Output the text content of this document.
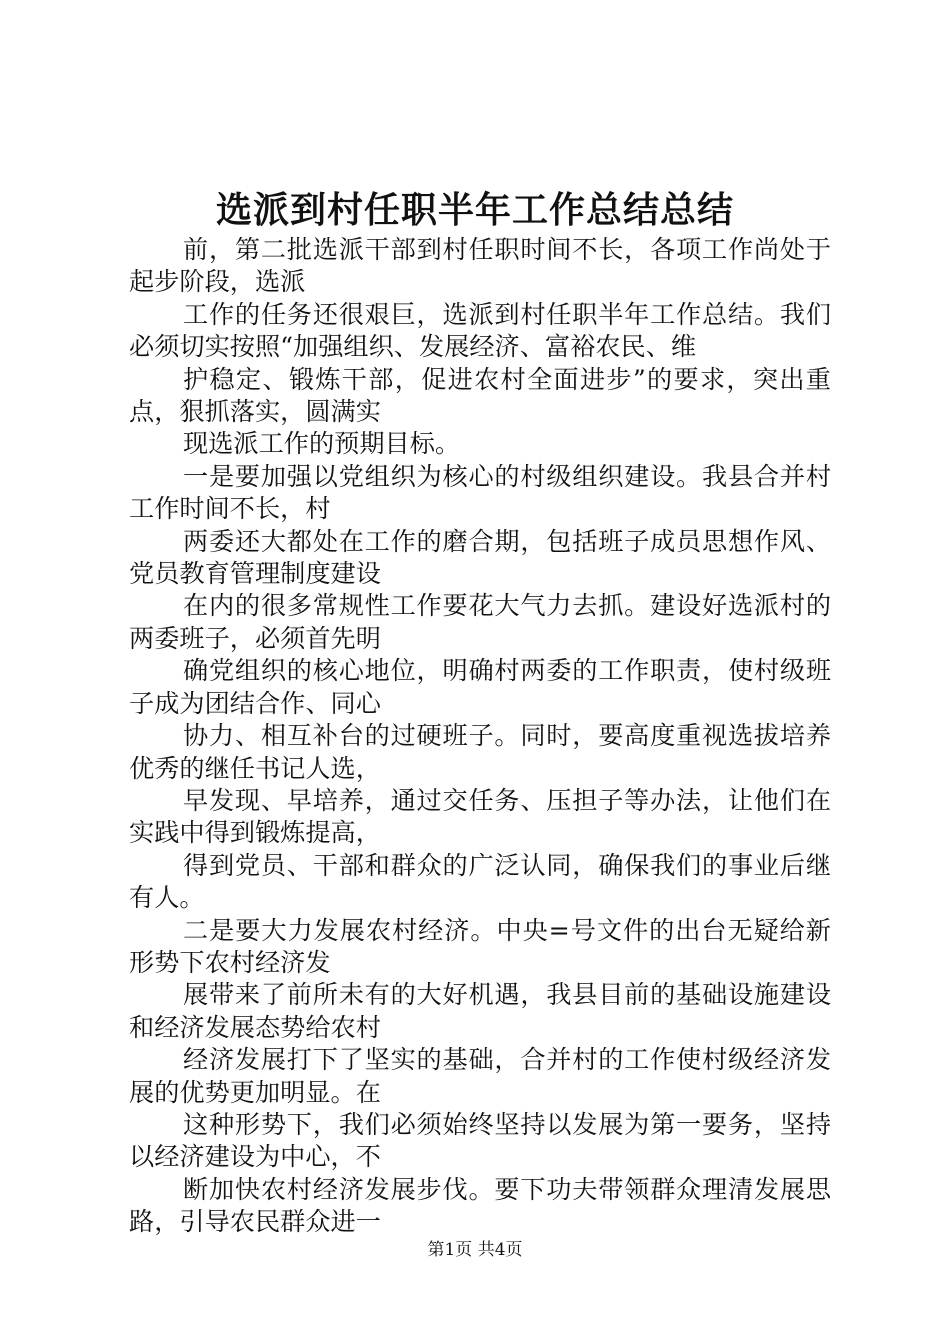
选派到村任职半年工作总结总结

前，第二批选派干部到村任职时间不长，各项工作尚处于起步阶段，选派

工作的任务还很艰巨，选派到村任职半年工作总结。我们必须切实按照“加强组织、发展经济、富裕农民、维

护稳定、锻炼干部，促进农村全面进步”的要求，突出重点，狠抓落实，圆满实

现选派工作的预期目标。

一是要加强以党组织为核心的村级组织建设。我县合并村工作时间不长，村

两委还大都处在工作的磨合期，包括班子成员思想作风、党员教育管理制度建设

在内的很多常规性工作要花大气力去抓。建设好选派村的两委班子，必须首先明

确党组织的核心地位，明确村两委的工作职责，使村级班子成为团结合作、同心

协力、相互补台的过硬班子。同时，要高度重视选拔培养优秀的继任书记人选，

早发现、早培养，通过交任务、压担子等办法，让他们在实践中得到锻炼提高，

得到党员、干部和群众的广泛认同，确保我们的事业后继有人。

二是要大力发展农村经济。中央=号文件的出台无疑给新形势下农村经济发

展带来了前所未有的大好机遇，我县目前的基础设施建设和经济发展态势给农村

经济发展打下了坚实的基础，合并村的工作使村级经济发展的优势更加明显。在

这种形势下，我们必须始终坚持以发展为第一要务，坚持以经济建设为中心，不

断加快农村经济发展步伐。要下功夫带领群众理清发展思路，引导农民群众进一

第1页 共4页
